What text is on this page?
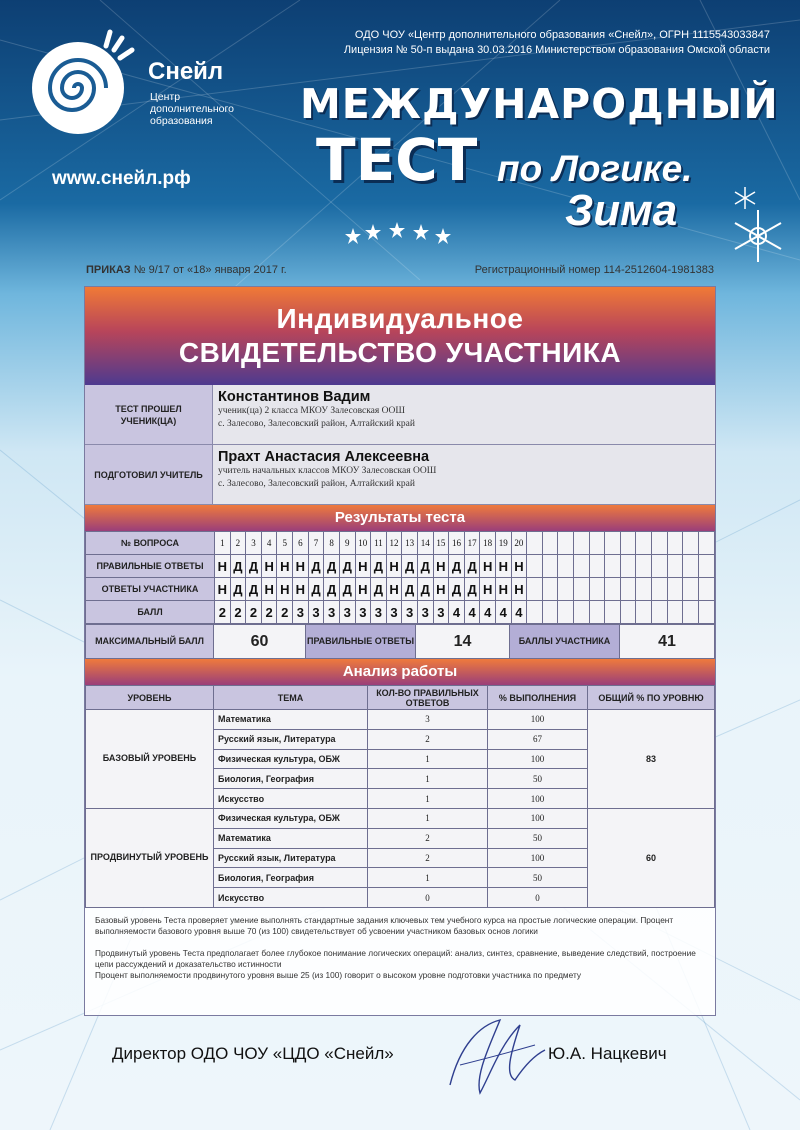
ОДО ЧОУ «Центр дополнительного образования «Снейл», ОГРН 1115543033847
Лицензия № 50-п выдана 30.03.2016 Министерством образования Омской области
Снейл
Центр дополнительного образования
www.снейл.рф
МЕЖДУНАРОДНЫЙ
ТЕСТ по Логике.
Зима
ПРИКАЗ № 9/17 от «18» января 2017 г.	Регистрационный номер 114-2512604-1981383
Индивидуальное
СВИДЕТЕЛЬСТВО УЧАСТНИКА
ТЕСТ ПРОШЕЛ УЧЕНИК(ЦА)
Константинов Вадим
ученик(ца) 2 класса МКОУ Залесовская ООШ
с. Залесово, Залесовский район, Алтайский край
ПОДГОТОВИЛ УЧИТЕЛЬ
Прахт Анастасия Алексеевна
учитель начальных классов МКОУ Залесовская ООШ
с. Залесово, Залесовский район, Алтайский край
Результаты теста
№ ВОПРОСА	1	2	3	4	5	6	7	8	9	10	11	12	13	14	15	16	17	18	19	20												
ПРАВИЛЬНЫЕ ОТВЕТЫ	Н	Д	Д	Н	Н	Н	Д	Д	Д	Н	Д	Н	Д	Д	Н	Д	Д	Н	Н	Н												
ОТВЕТЫ УЧАСТНИКА	Н	Д	Д	Н	Н	Н	Д	Д	Д	Н	Д	Н	Д	Д	Н	Д	Д	Н	Н	Н												
БАЛЛ	2	2	2	2	2	3	3	3	3	3	3	3	3	3	3	4	4	4	4	4												
МАКСИМАЛЬНЫЙ БАЛЛ	60	ПРАВИЛЬНЫЕ ОТВЕТЫ	14	БАЛЛЫ УЧАСТНИКА	41
Анализ работы
УРОВЕНЬ	ТЕМА	КОЛ-ВО ПРАВИЛЬНЫХ ОТВЕТОВ	% ВЫПОЛНЕНИЯ	ОБЩИЙ % ПО УРОВНЮ
БАЗОВЫЙ УРОВЕНЬ	Математика	3	100	83
	Русский язык, Литература	2	67	
	Физическая культура, ОБЖ	1	100	
	Биология, География	1	50	
	Искусство	1	100	
ПРОДВИНУТЫЙ УРОВЕНЬ	Физическая культура, ОБЖ	1	100	60
	Математика	2	50	
	Русский язык, Литература	2	100	
	Биология, География	1	50	
	Искусство	0	0	

Базовый уровень Теста проверяет умение выполнять стандартные задания ключевых тем учебного курса на простые логические операции. Процент выполняемости базового уровня выше 70 (из 100) свидетельствует об усвоении участником базовых основ логики

Продвинутый уровень Теста предполагает более глубокое понимание логических операций: анализ, синтез, сравнение, выведение следствий, построение цепи рассуждений и доказательство истинности

Процент выполняемости продвинутого уровня выше 25 (из 100) говорит о высоком уровне подготовки участника по предмету

Директор ОДО ЧОУ «ЦДО «Снейл»	Ю.А. Нацкевич
